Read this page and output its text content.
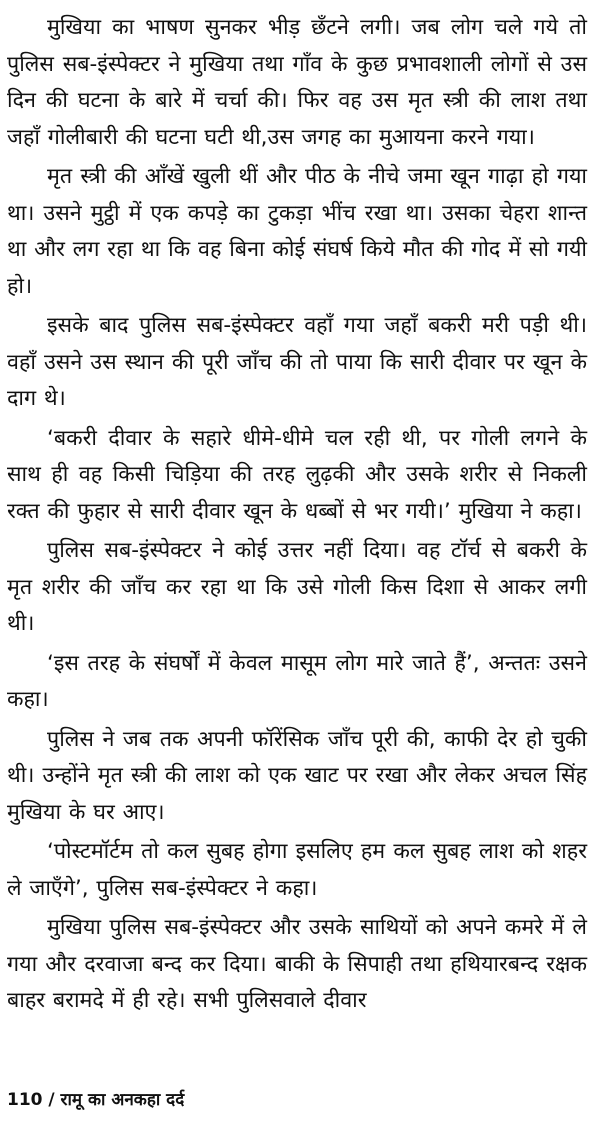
मुखिया का भाषण सुनकर भीड़ छँटने लगी। जब लोग चले गये तो पुलिस सब-इंस्पेक्टर ने मुखिया तथा गाँव के कुछ प्रभावशाली लोगों से उस दिन की घटना के बारे में चर्चा की। फिर वह उस मृत स्त्री की लाश तथा जहाँ गोलीबारी की घटना घटी थी,उस जगह का मुआयना करने गया।

मृत स्त्री की आँखें खुली थीं और पीठ के नीचे जमा खून गाढ़ा हो गया था। उसने मुट्ठी में एक कपड़े का टुकड़ा भींच रखा था। उसका चेहरा शान्त था और लग रहा था कि वह बिना कोई संघर्ष किये मौत की गोद में सो गयी हो।

इसके बाद पुलिस सब-इंस्पेक्टर वहाँ गया जहाँ बकरी मरी पड़ी थी। वहाँ उसने उस स्थान की पूरी जाँच की तो पाया कि सारी दीवार पर खून के दाग थे।

‘बकरी दीवार के सहारे धीमे-धीमे चल रही थी, पर गोली लगने के साथ ही वह किसी चिड़िया की तरह लुढ़की और उसके शरीर से निकली रक्त की फुहार से सारी दीवार खून के धब्बों से भर गयी।’ मुखिया ने कहा।

पुलिस सब-इंस्पेक्टर ने कोई उत्तर नहीं दिया। वह टॉर्च से बकरी के मृत शरीर की जाँच कर रहा था कि उसे गोली किस दिशा से आकर लगी थी।

‘इस तरह के संघर्षों में केवल मासूम लोग मारे जाते हैं’, अन्ततः उसने कहा।

पुलिस ने जब तक अपनी फॉरेंसिक जाँच पूरी की, काफी देर हो चुकी थी। उन्होंने मृत स्त्री की लाश को एक खाट पर रखा और लेकर अचल सिंह मुखिया के घर आए।

‘पोस्टमॉर्टम तो कल सुबह होगा इसलिए हम कल सुबह लाश को शहर ले जाएँगे’, पुलिस सब-इंस्पेक्टर ने कहा।

मुखिया पुलिस सब-इंस्पेक्टर और उसके साथियों को अपने कमरे में ले गया और दरवाजा बन्द कर दिया। बाकी के सिपाही तथा हथियारबन्द रक्षक बाहर बरामदे में ही रहे। सभी पुलिसवाले दीवार

110 / रामू का अनकहा दर्द
